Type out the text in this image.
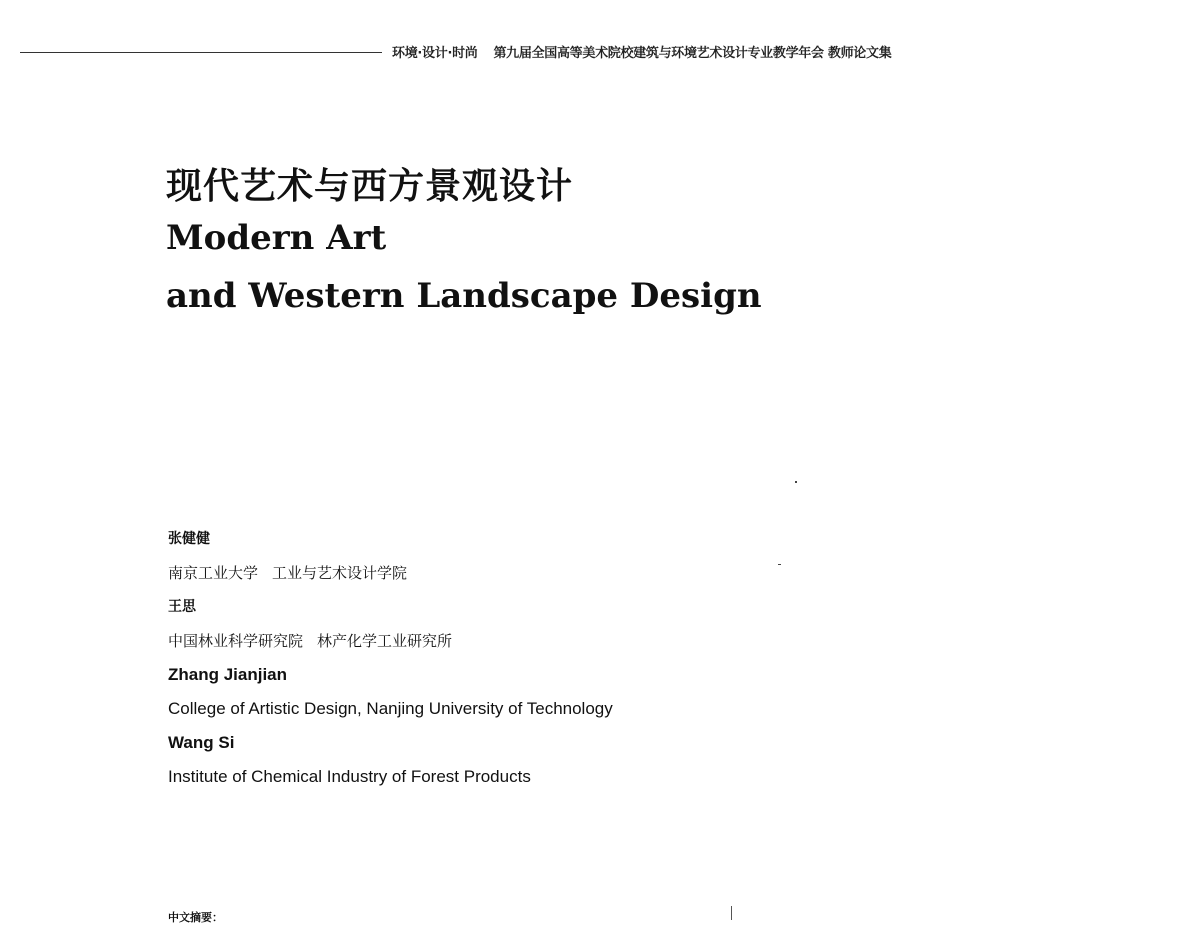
环境·设计·时尚 第九届全国高等美术院校建筑与环境艺术设计专业教学年会 教师论文集
现代艺术与西方景观设计
Modern Art
and Western Landscape Design
张健健
南京工业大学 工业与艺术设计学院
王思
中国林业科学研究院 林产化学工业研究所
Zhang Jianjian
College of Artistic Design, Nanjing University of Technology
Wang Si
Institute of Chemical Industry of Forest Products
中文摘要：
